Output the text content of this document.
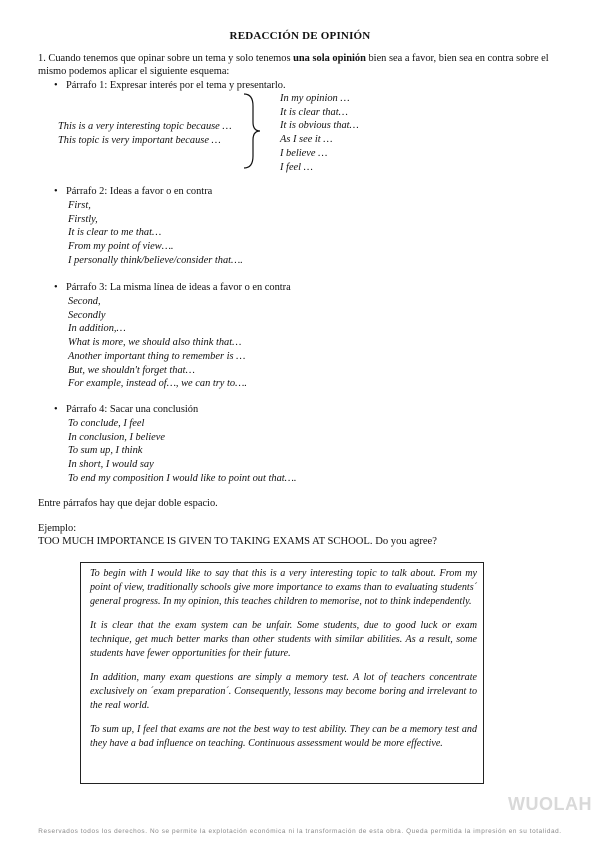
REDACCIÓN DE OPINIÓN
1. Cuando tenemos que opinar sobre un tema y solo tenemos una sola opinión bien sea a favor, bien sea en contra sobre el mismo podemos aplicar el siguiente esquema:
• Párrafo 1: Expresar interés por el tema y presentarlo.
This is a very interesting topic because …
This topic is very important because …
In my opinion …
It is clear that…
It is obvious that…
As I see it …
I believe …
I feel …
• Párrafo 2: Ideas a favor o en contra
First,
Firstly,
It is clear to me that…
From my point of view….
I personally think/believe/consider that….
• Párrafo 3: La misma línea de ideas a favor o en contra
Second,
Secondly
In addition,…
What is more, we should also think that…
Another important thing to remember is …
But, we shouldn't forget that…
For example, instead of…, we can try to….
• Párrafo 4: Sacar una conclusión
To conclude, I feel
In conclusion, I believe
To sum up, I think
In short, I would say
To end my composition I would like to point out that….
Entre párrafos hay que dejar doble espacio.
Ejemplo:
TOO MUCH IMPORTANCE IS GIVEN TO TAKING EXAMS AT SCHOOL. Do you agree?

To begin with I would like to say that this is a very interesting topic to talk about. From my point of view, traditionally schools give more importance to exams than to evaluating students´ general progress. In my opinion, this teaches children to memorise, not to think independently.

It is clear that the exam system can be unfair. Some students, due to good luck or exam technique, get much better marks than other students with similar abilities. As a result, some students have fewer opportunities for their future.

In addition, many exam questions are simply a memory test. A lot of teachers concentrate exclusively on ´exam preparation´. Consequently, lessons may become boring and irrelevant to the real world.

To sum up, I feel that exams are not the best way to test ability. They can be a memory test and they have a bad influence on teaching. Continuous assessment would be more effective.

WUOLAH
Reservados todos los derechos. No se permite la explotación económica ni la transformación de esta obra. Queda permitida la impresión en su totalidad.
